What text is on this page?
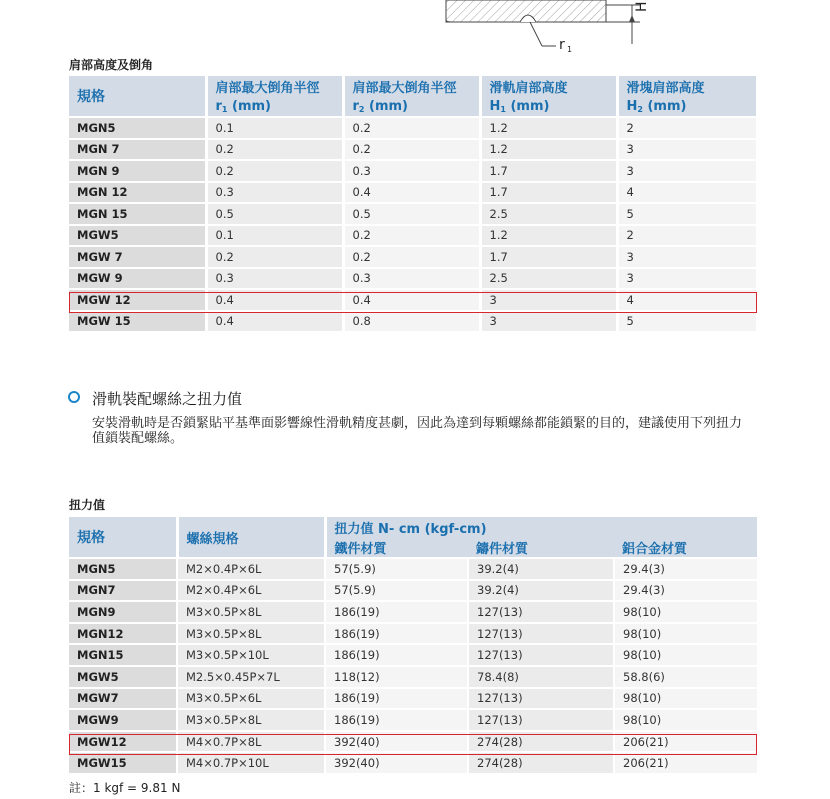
r 1
H
肩部高度及倒角
規格	肩部最大倒角半徑	肩部最大倒角半徑	滑軌肩部高度	滑塊肩部高度
	$r_1$ (mm)	$r_2$ (mm)	$H_1$ (mm)	$H_2$ (mm)
MGN5	0.1	0.2	1.2	2
MGN 7	0.2	0.2	1.2	3
MGN 9	0.2	0.3	1.7	3
MGN 12	0.3	0.4	1.7	4
MGN 15	0.5	0.5	2.5	5
MGW5	0.1	0.2	1.2	2
MGW 7	0.2	0.2	1.7	3
MGW 9	0.3	0.3	2.5	3
MGW 12	0.4	0.4	3	4
MGW 15	0.4	0.8	3	5
滑軌裝配螺絲之扭力值
安裝滑軌時是否鎖緊貼平基準面影響線性滑軌精度甚劇，因此為達到每顆螺絲都能鎖緊的目的，建議使用下列扭力值鎖裝配螺絲。
扭力值
規格	螺絲規格	扭力值 N- cm (kgf-cm)		
		鐵件材質	鑄件材質	鋁合金材質
MGN5	M2×0.4P×6L	57(5.9)	39.2(4)	29.4(3)
MGN7	M2×0.4P×6L	57(5.9)	39.2(4)	29.4(3)
MGN9	M3×0.5P×8L	186(19)	127(13)	98(10)
MGN12	M3×0.5P×8L	186(19)	127(13)	98(10)
MGN15	M3×0.5P×10L	186(19)	127(13)	98(10)
MGW5	M2.5×0.45P×7L	118(12)	78.4(8)	58.8(6)
MGW7	M3×0.5P×6L	186(19)	127(13)	98(10)
MGW9	M3×0.5P×8L	186(19)	127(13)	98(10)
MGW12	M4×0.7P×8L	392(40)	274(28)	206(21)
MGW15	M4×0.7P×10L	392(40)	274(28)	206(21)
註：1 kgf = 9.81 N
